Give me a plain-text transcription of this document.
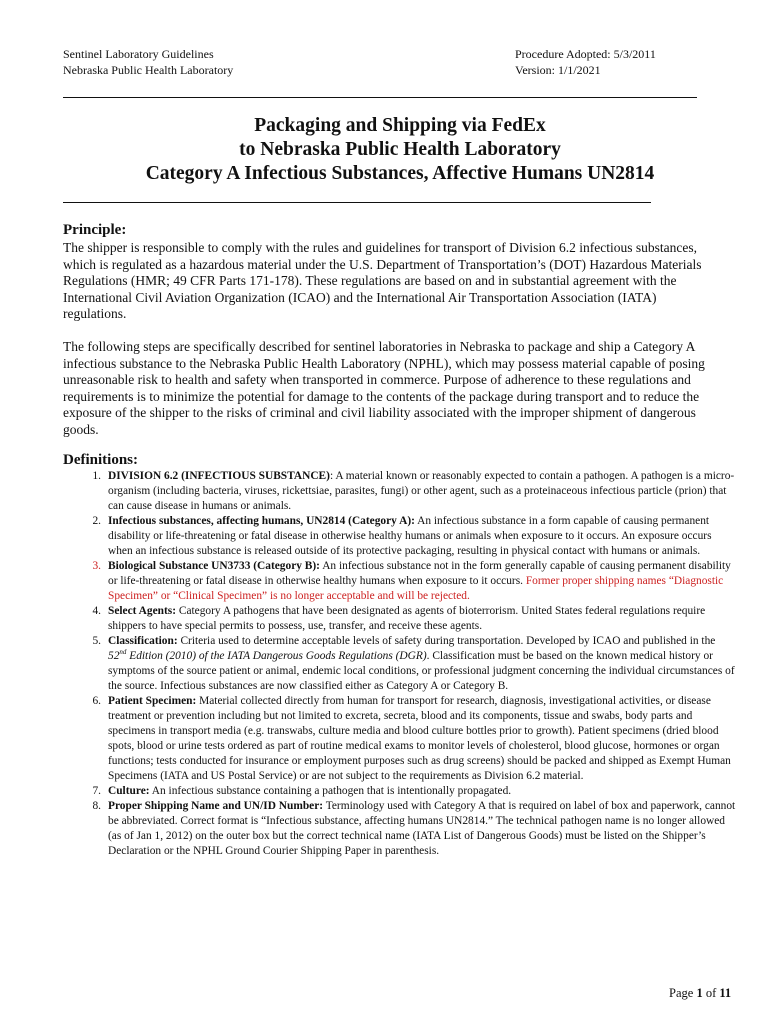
Sentinel Laboratory Guidelines
Nebraska Public Health Laboratory
Procedure Adopted: 5/3/2011
Version: 1/1/2021
Packaging and Shipping via FedEx
to Nebraska Public Health Laboratory
Category A Infectious Substances, Affective Humans UN2814
Principle:

The shipper is responsible to comply with the rules and guidelines for transport of Division 6.2 infectious substances, which is regulated as a hazardous material under the U.S. Department of Transportation’s (DOT) Hazardous Materials Regulations (HMR; 49 CFR Parts 171-178). These regulations are based on and in substantial agreement with the International Civil Aviation Organization (ICAO) and the International Air Transportation Association (IATA) regulations.

The following steps are specifically described for sentinel laboratories in Nebraska to package and ship a Category A infectious substance to the Nebraska Public Health Laboratory (NPHL), which may possess material capable of posing unreasonable risk to health and safety when transported in commerce. Purpose of adherence to these regulations and requirements is to minimize the potential for damage to the contents of the package during transport and to reduce the exposure of the shipper to the risks of criminal and civil liability associated with the improper shipment of dangerous goods.

Definitions:
1. DIVISION 6.2 (INFECTIOUS SUBSTANCE): A material known or reasonably expected to contain a pathogen. A pathogen is a micro-organism (including bacteria, viruses, rickettsiae, parasites, fungi) or other agent, such as a proteinaceous infectious particle (prion) that can cause disease in humans or animals.
2. Infectious substances, affecting humans, UN2814 (Category A): An infectious substance in a form capable of causing permanent disability or life-threatening or fatal disease in otherwise healthy humans or animals when exposure to it occurs. An exposure occurs when an infectious substance is released outside of its protective packaging, resulting in physical contact with humans or animals.
3. Biological Substance UN3733 (Category B): An infectious substance not in the form generally capable of causing permanent disability or life-threatening or fatal disease in otherwise healthy humans when exposure to it occurs. Former proper shipping names “Diagnostic Specimen” or “Clinical Specimen” is no longer acceptable and will be rejected.
4. Select Agents: Category A pathogens that have been designated as agents of bioterrorism. United States federal regulations require shippers to have special permits to possess, use, transfer, and receive these agents.
5. Classification: Criteria used to determine acceptable levels of safety during transportation. Developed by ICAO and published in the 52nd Edition (2010) of the IATA Dangerous Goods Regulations (DGR). Classification must be based on the known medical history or symptoms of the source patient or animal, endemic local conditions, or professional judgment concerning the individual circumstances of the source. Infectious substances are now classified either as Category A or Category B.
6. Patient Specimen: Material collected directly from human for transport for research, diagnosis, investigational activities, or disease treatment or prevention including but not limited to excreta, secreta, blood and its components, tissue and swabs, body parts and specimens in transport media (e.g. transwabs, culture media and blood culture bottles prior to growth). Patient specimens (dried blood spots, blood or urine tests ordered as part of routine medical exams to monitor levels of cholesterol, blood glucose, hormones or organ functions; tests conducted for insurance or employment purposes such as drug screens) should be packed and shipped as Exempt Human Specimens (IATA and US Postal Service) or are not subject to the requirements as Division 6.2 material.
7. Culture: An infectious substance containing a pathogen that is intentionally propagated.
8. Proper Shipping Name and UN/ID Number: Terminology used with Category A that is required on label of box and paperwork, cannot be abbreviated. Correct format is “Infectious substance, affecting humans UN2814.” The technical pathogen name is no longer allowed (as of Jan 1, 2012) on the outer box but the correct technical name (IATA List of Dangerous Goods) must be listed on the Shipper’s Declaration or the NPHL Ground Courier Shipping Paper in parenthesis.
Page 1 of 11
